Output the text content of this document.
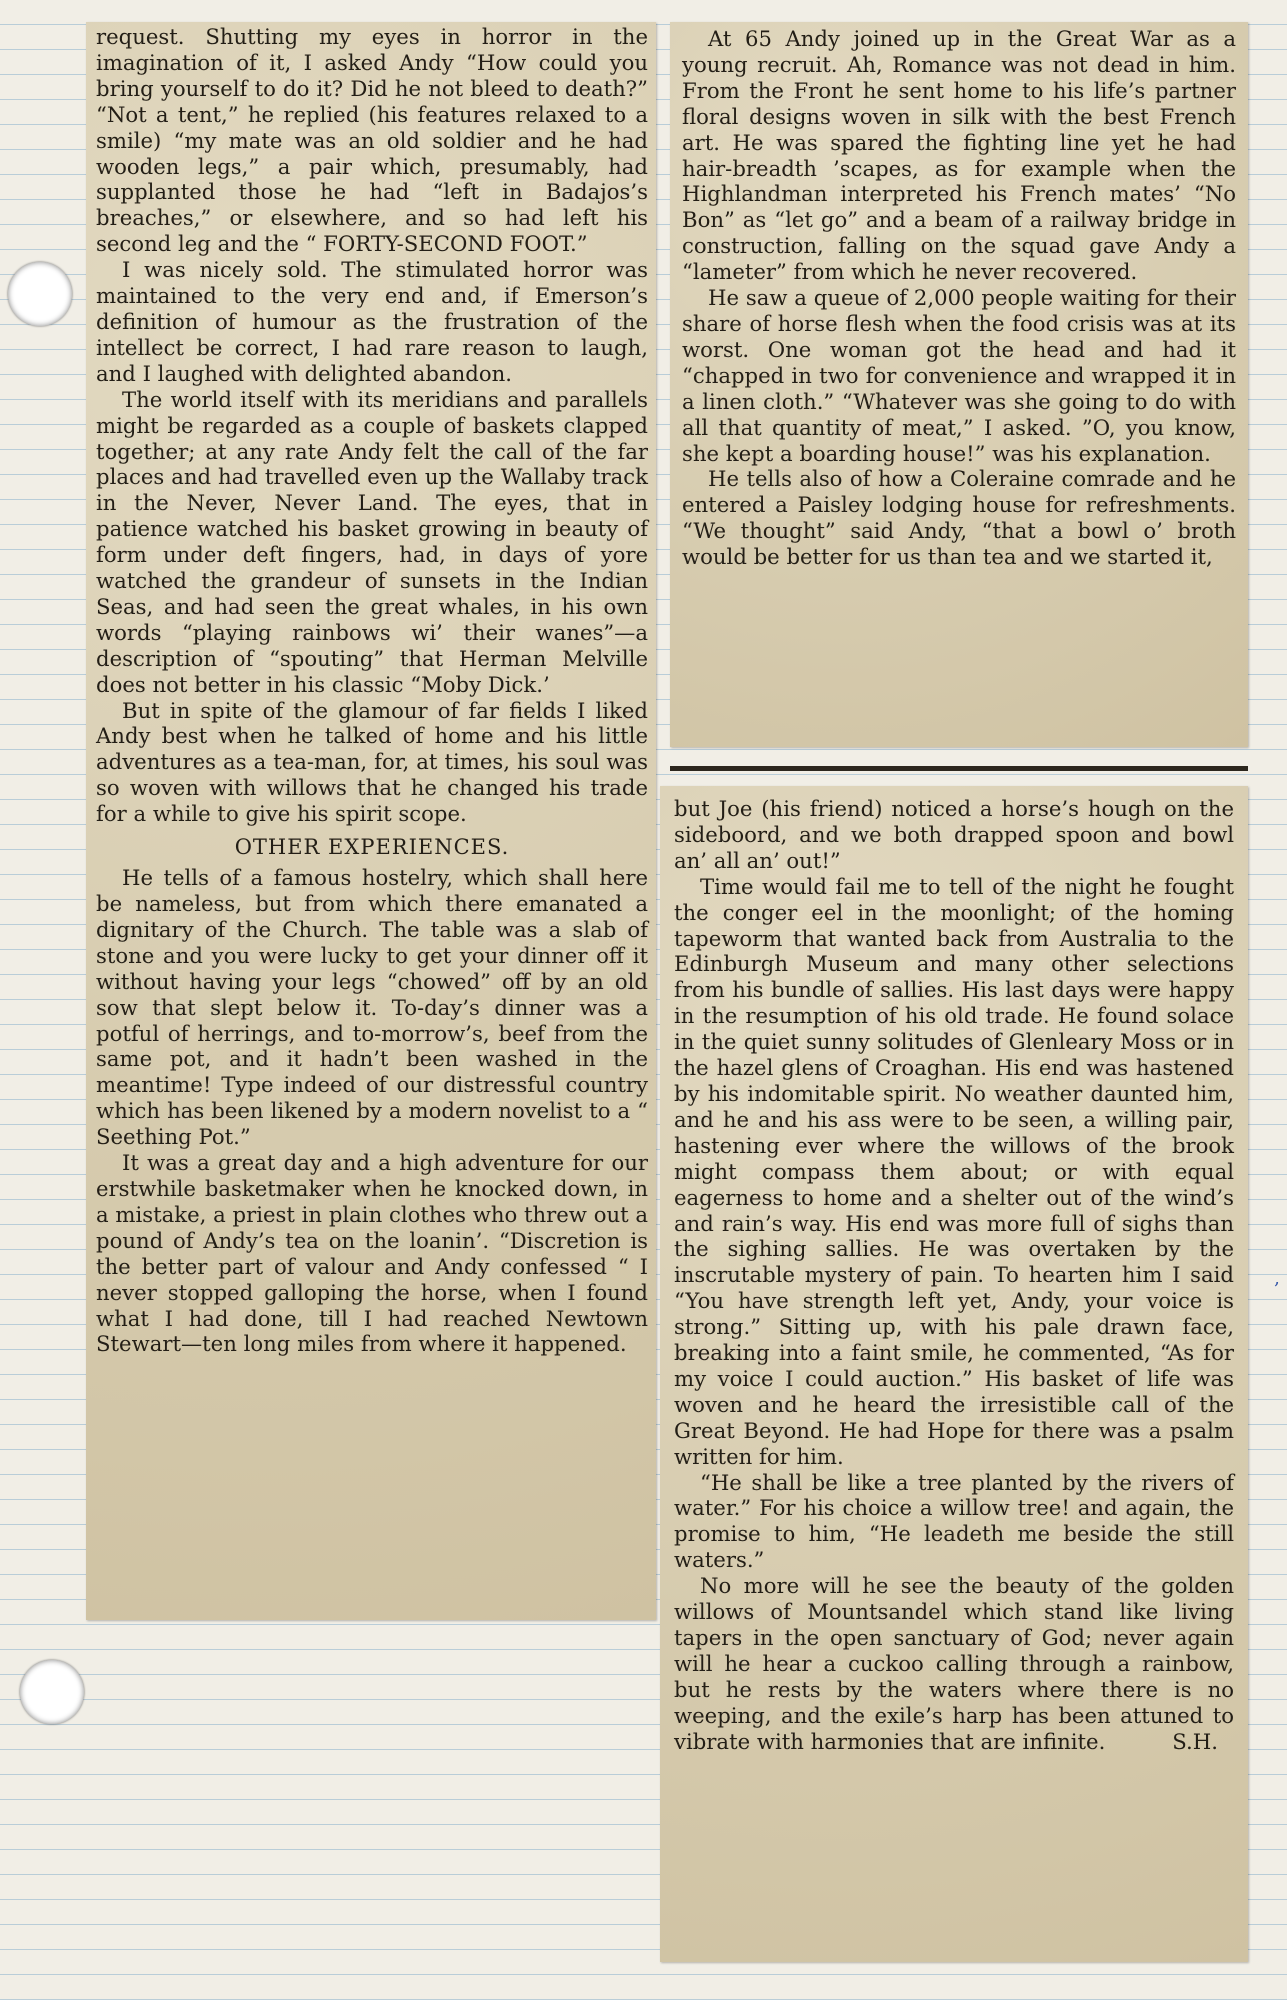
request. Shutting my eyes in horror in the imagination of it, I asked Andy “How could you bring yourself to do it? Did he not bleed to death?” “Not a tent,” he replied (his features relaxed to a smile) “my mate was an old soldier and he had wooden legs,” a pair which, presumably, had supplanted those he had “left in Badajos’s breaches,” or elsewhere, and so had left his second leg and the “ FORTY-SECOND FOOT.”

I was nicely sold. The stimulated horror was maintained to the very end and, if Emerson’s definition of humour as the frustration of the intellect be correct, I had rare reason to laugh, and I laughed with delighted abandon.

The world itself with its meridians and parallels might be regarded as a couple of baskets clapped together; at any rate Andy felt the call of the far places and had travelled even up the Wallaby track in the Never, Never Land. The eyes, that in patience watched his basket growing in beauty of form under deft fingers, had, in days of yore watched the grandeur of sunsets in the Indian Seas, and had seen the great whales, in his own words “playing rainbows wi’ their wanes”—a description of “spouting” that Herman Melville does not better in his classic “Moby Dick.’

But in spite of the glamour of far fields I liked Andy best when he talked of home and his little adventures as a tea-man, for, at times, his soul was so woven with willows that he changed his trade for a while to give his spirit scope.

OTHER EXPERIENCES.

He tells of a famous hostelry, which shall here be nameless, but from which there emanated a dignitary of the Church. The table was a slab of stone and you were lucky to get your dinner off it without having your legs “chowed” off by an old sow that slept below it. To-day’s dinner was a potful of herrings, and to-morrow’s, beef from the same pot, and it hadn’t been washed in the meantime! Type indeed of our distressful country which has been likened by a modern novelist to a “ Seething Pot.”

It was a great day and a high adventure for our erstwhile basketmaker when he knocked down, in a mistake, a priest in plain clothes who threw out a pound of Andy’s tea on the loanin’. “Discretion is the better part of valour and Andy confessed “ I never stopped galloping the horse, when I found what I had done, till I had reached Newtown Stewart—ten long miles from where it happened.

At 65 Andy joined up in the Great War as a young recruit. Ah, Romance was not dead in him. From the Front he sent home to his life’s partner floral designs woven in silk with the best French art. He was spared the fighting line yet he had hair-breadth ’scapes, as for example when the Highlandman interpreted his French mates’ “No Bon” as “let go” and a beam of a railway bridge in construction, falling on the squad gave Andy a “lameter” from which he never recovered.

He saw a queue of 2,000 people waiting for their share of horse flesh when the food crisis was at its worst. One woman got the head and had it “chapped in two for convenience and wrapped it in a linen cloth.” “Whatever was she going to do with all that quantity of meat,” I asked. ”O, you know, she kept a boarding house!” was his explanation.

He tells also of how a Coleraine comrade and he entered a Paisley lodging house for refreshments. “We thought” said Andy, “that a bowl o’ broth would be better for us than tea and we started it,

but Joe (his friend) noticed a horse’s hough on the sideboord, and we both drapped spoon and bowl an’ all an’ out!”

Time would fail me to tell of the night he fought the conger eel in the moonlight; of the homing tapeworm that wanted back from Australia to the Edinburgh Museum and many other selections from his bundle of sallies. His last days were happy in the resumption of his old trade. He found solace in the quiet sunny solitudes of Glenleary Moss or in the hazel glens of Croaghan. His end was hastened by his indomitable spirit. No weather daunted him, and he and his ass were to be seen, a willing pair, hastening ever where the willows of the brook might compass them about; or with equal eagerness to home and a shelter out of the wind’s and rain’s way. His end was more full of sighs than the sighing sallies. He was overtaken by the inscrutable mystery of pain. To hearten him I said “You have strength left yet, Andy, your voice is strong.” Sitting up, with his pale drawn face, breaking into a faint smile, he commented, “As for my voice I could auction.” His basket of life was woven and he heard the irresistible call of the Great Beyond. He had Hope for there was a psalm written for him.

“He shall be like a tree planted by the rivers of water.” For his choice a willow tree! and again, the promise to him, “He leadeth me beside the still waters.”

No more will he see the beauty of the golden willows of Mountsandel which stand like living tapers in the open sanctuary of God; never again will he hear a cuckoo calling through a rainbow, but he rests by the waters where there is no weeping, and the exile’s harp has been attuned to vibrate with harmonies that are infinite.	S.H.

‚
